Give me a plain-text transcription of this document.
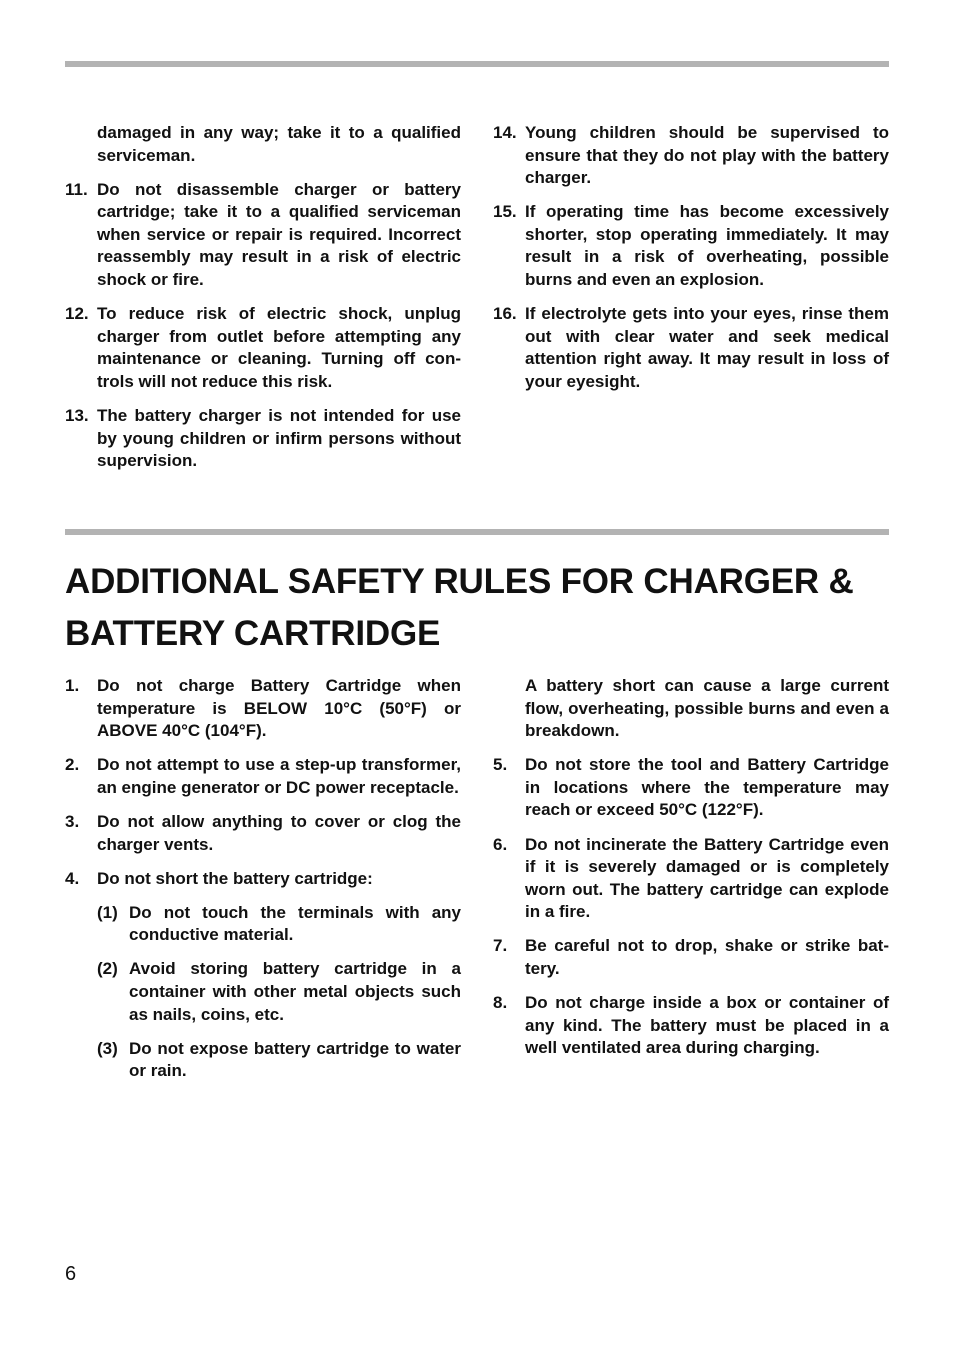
damaged in any way; take it to a qualified serviceman.
11. Do not disassemble charger or battery cartridge; take it to a qualified serviceman when service or repair is required. Incorrect reassembly may result in a risk of electric shock or fire.
12. To reduce risk of electric shock, unplug charger from outlet before attempting any maintenance or cleaning. Turning off controls will not reduce this risk.
13. The battery charger is not intended for use by young children or infirm persons without supervision.
14. Young children should be supervised to ensure that they do not play with the battery charger.
15. If operating time has become excessively shorter, stop operating immediately. It may result in a risk of overheating, possible burns and even an explosion.
16. If electrolyte gets into your eyes, rinse them out with clear water and seek medical attention right away. It may result in loss of your eyesight.
ADDITIONAL SAFETY RULES FOR CHARGER &
BATTERY CARTRIDGE
1.	Do not charge Battery Cartridge when temperature is BELOW 10°C (50°F) or ABOVE 40°C (104°F).
2.	Do not attempt to use a step-up transformer, an engine generator or DC power receptacle.
3.	Do not allow anything to cover or clog the charger vents.
4.	Do not short the battery cartridge:
(1) Do not touch the terminals with any conductive material.
(2) Avoid storing battery cartridge in a container with other metal objects such as nails, coins, etc.
(3) Do not expose battery cartridge to water or rain.
A battery short can cause a large current flow, overheating, possible burns and even a breakdown.
5.	Do not store the tool and Battery Cartridge in locations where the temperature may reach or exceed 50°C (122°F).
6.	Do not incinerate the Battery Cartridge even if it is severely damaged or is completely worn out. The battery cartridge can explode in a fire.
7.	Be careful not to drop, shake or strike battery.
8.	Do not charge inside a box or container of any kind. The battery must be placed in a well ventilated area during charging.
6
